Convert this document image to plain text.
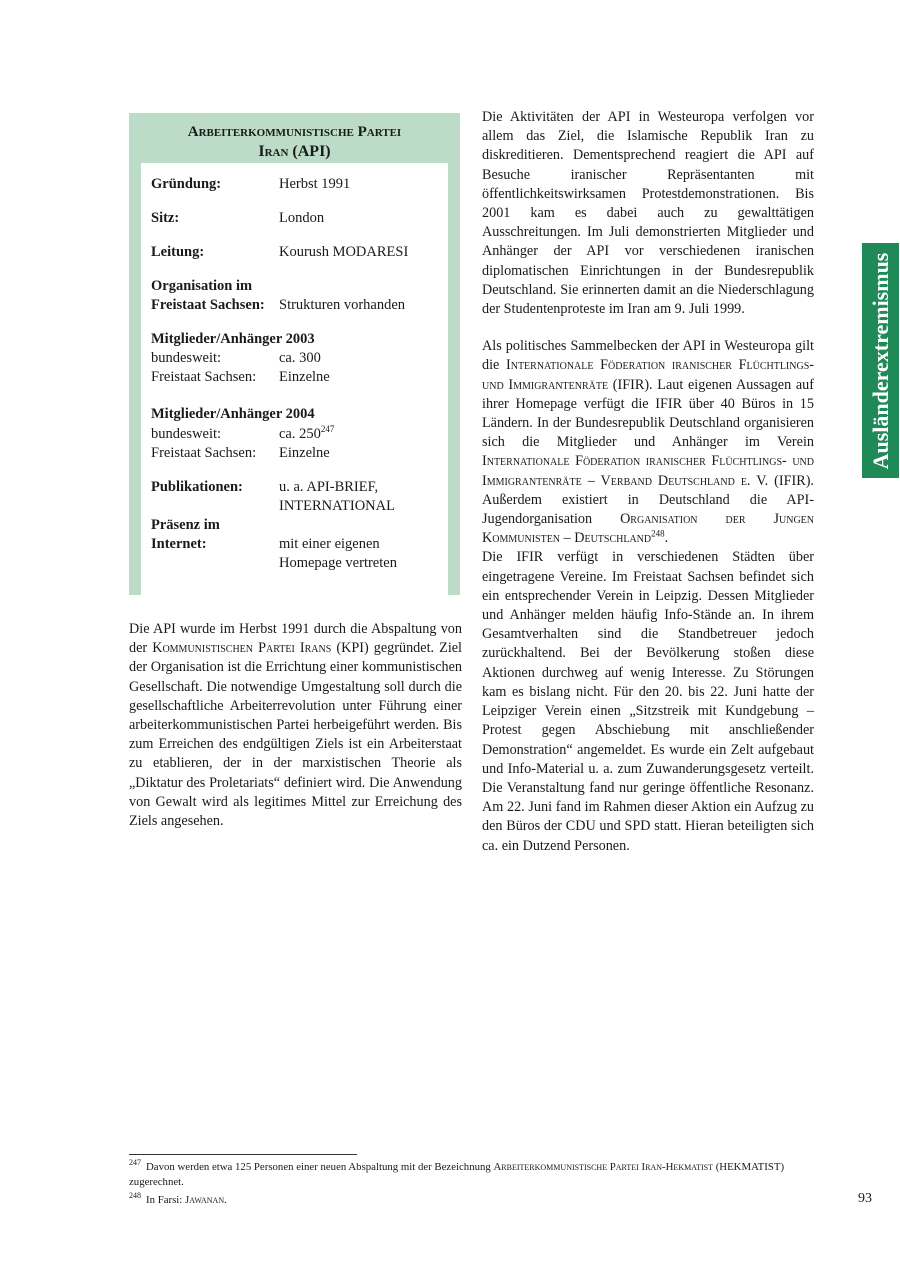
Arbeiterkommunistische Partei
Iran (API)
Gründung:	Herbst 1991
Sitz:	London
Leitung:	Kourush MODARESI
Organisation im
Freistaat Sachsen: Strukturen vorhanden
Mitglieder/Anhänger 2003
bundesweit:	ca. 300
Freistaat Sachsen: Einzelne
Mitglieder/Anhänger 2004
bundesweit:	ca. $250^{247}$
Freistaat Sachsen: Einzelne
Publikationen: u. a. API-BRIEF,
INTERNATIONAL
Präsenz im
Internet:	mit einer eigenen
Homepage vertreten

Die API wurde im Herbst 1991 durch die Abspaltung von der Kommunistischen Partei Irans (KPI) gegründet. Ziel der Organisation ist die Errichtung einer kommunistischen Gesellschaft. Die notwendige Umgestaltung soll durch die gesellschaftliche Arbeiterrevolution unter Führung einer arbeiterkommunistischen Partei herbeigeführt werden. Bis zum Erreichen des endgültigen Ziels ist ein Arbeiterstaat zu etablieren, der in der marxistischen Theorie als „Diktatur des Proletariats“ definiert wird. Die Anwendung von Gewalt wird als legitimes Mittel zur Erreichung des Ziels angesehen.

Die Aktivitäten der API in Westeuropa verfolgen vor allem das Ziel, die Islamische Republik Iran zu diskreditieren. Dementsprechend reagiert die API auf Besuche iranischer Repräsentanten mit öffentlichkeitswirksamen Protestdemonstrationen. Bis 2001 kam es dabei auch zu gewalttätigen Ausschreitungen. Im Juli demonstrierten Mitglieder und Anhänger der API vor verschiedenen iranischen diplomatischen Einrichtungen in der Bundesrepublik Deutschland. Sie erinnerten damit an die Niederschlagung der Studentenproteste im Iran am 9. Juli 1999.

Als politisches Sammelbecken der API in Westeuropa gilt die Internationale Föderation iranischer Flüchtlings- und Immigrantenräte (IFIR). Laut eigenen Aussagen auf ihrer Homepage verfügt die IFIR über 40 Büros in 15 Ländern. In der Bundesrepublik Deutschland organisieren sich die Mitglieder und Anhänger im Verein Internationale Föderation iranischer Flüchtlings- und Immigrantenräte – Verband Deutschland e. V. (IFIR). Außerdem existiert in Deutschland die API-Jugendorganisation Organisation der Jungen Kommunisten – Deutschland$^{248}$.

Die IFIR verfügt in verschiedenen Städten über eingetragene Vereine. Im Freistaat Sachsen befindet sich ein entsprechender Verein in Leipzig. Dessen Mitglieder und Anhänger melden häufig Info-Stände an. In ihrem Gesamtverhalten sind die Standbetreuer jedoch zurückhaltend. Bei der Bevölkerung stoßen diese Aktionen durchweg auf wenig Interesse. Zu Störungen kam es bislang nicht. Für den 20. bis 22. Juni hatte der Leipziger Verein einen „Sitzstreik mit Kundgebung – Protest gegen Abschiebung mit anschließender Demonstration“ angemeldet. Es wurde ein Zelt aufgebaut und Info-Material u. a. zum Zuwanderungsgesetz verteilt. Die Veranstaltung fand nur geringe öffentliche Resonanz. Am 22. Juni fand im Rahmen dieser Aktion ein Aufzug zu den Büros der CDU und SPD statt. Hieran beteiligten sich ca. ein Dutzend Personen.

Ausländerextremismus
$^{247}$ Davon werden etwa 125 Personen einer neuen Abspaltung mit der Bezeichnung Arbeiterkommunistische Partei Iran-Hekmatist (HEKMATIST) zugerechnet.
$^{248}$ In Farsi: Jawanan.	93
